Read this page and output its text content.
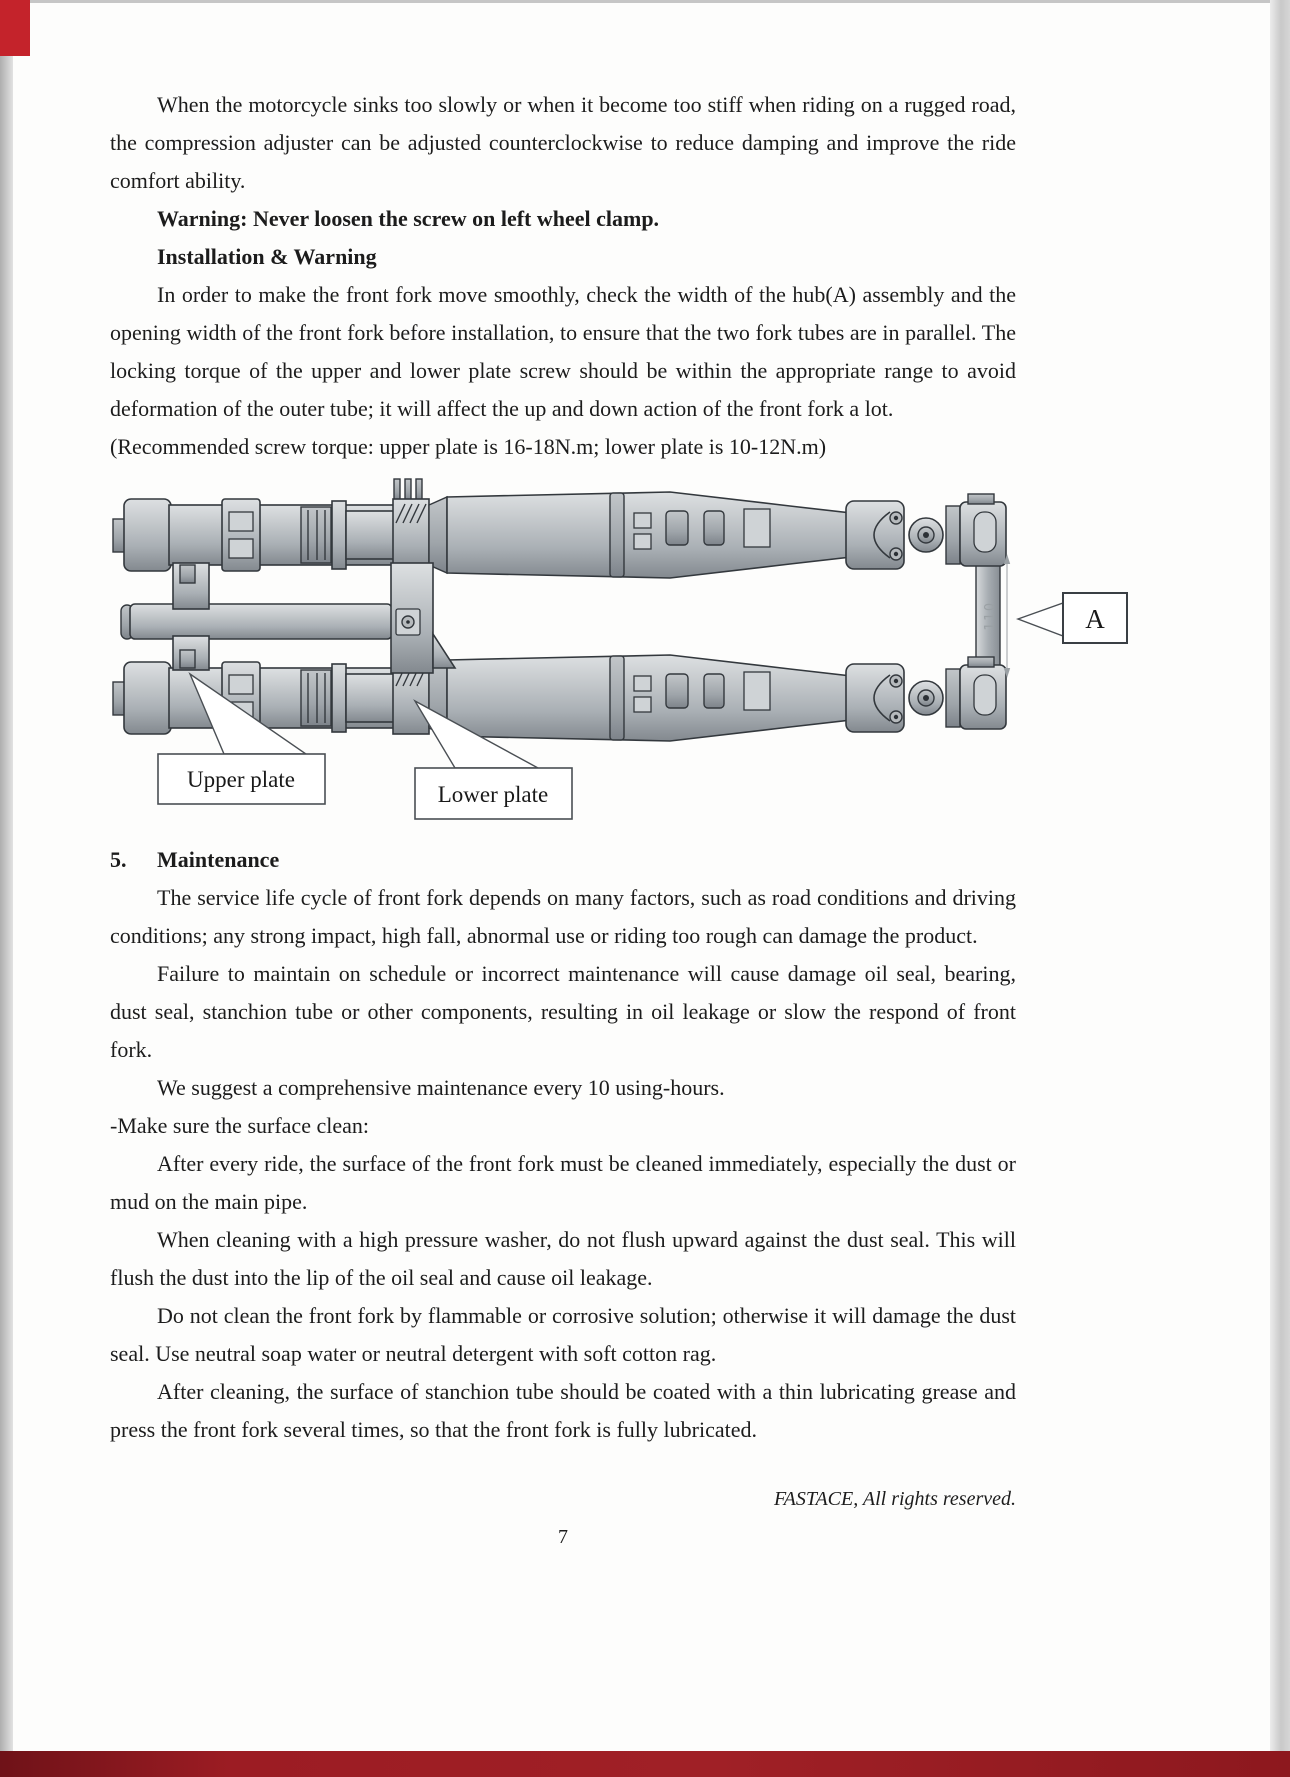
When the motorcycle sinks too slowly or when it become too stiff when riding on a rugged road, the compression adjuster can be adjusted counterclockwise to reduce damping and improve the ride comfort ability.

Warning: Never loosen the screw on left wheel clamp.

Installation & Warning

In order to make the front fork move smoothly, check the width of the hub(A) assembly and the opening width of the front fork before installation, to ensure that the two fork tubes are in parallel. The locking torque of the upper and lower plate screw should be within the appropriate range to avoid deformation of the outer tube; it will affect the up and down action of the front fork a lot.

(Recommended screw torque: upper plate is 16-18N.m; lower plate is 10-12N.m)

110	A
Upper plate
Lower plate

5. Maintenance

The service life cycle of front fork depends on many factors, such as road conditions and driving conditions; any strong impact, high fall, abnormal use or riding too rough can damage the product.

Failure to maintain on schedule or incorrect maintenance will cause damage oil seal, bearing, dust seal, stanchion tube or other components, resulting in oil leakage or slow the respond of front fork.

We suggest a comprehensive maintenance every 10 using-hours.

-Make sure the surface clean:

After every ride, the surface of the front fork must be cleaned immediately, especially the dust or mud on the main pipe.

When cleaning with a high pressure washer, do not flush upward against the dust seal. This will flush the dust into the lip of the oil seal and cause oil leakage.

Do not clean the front fork by flammable or corrosive solution; otherwise it will damage the dust seal. Use neutral soap water or neutral detergent with soft cotton rag.

After cleaning, the surface of stanchion tube should be coated with a thin lubricating grease and press the front fork several times, so that the front fork is fully lubricated.

FASTACE, All rights reserved.

7
